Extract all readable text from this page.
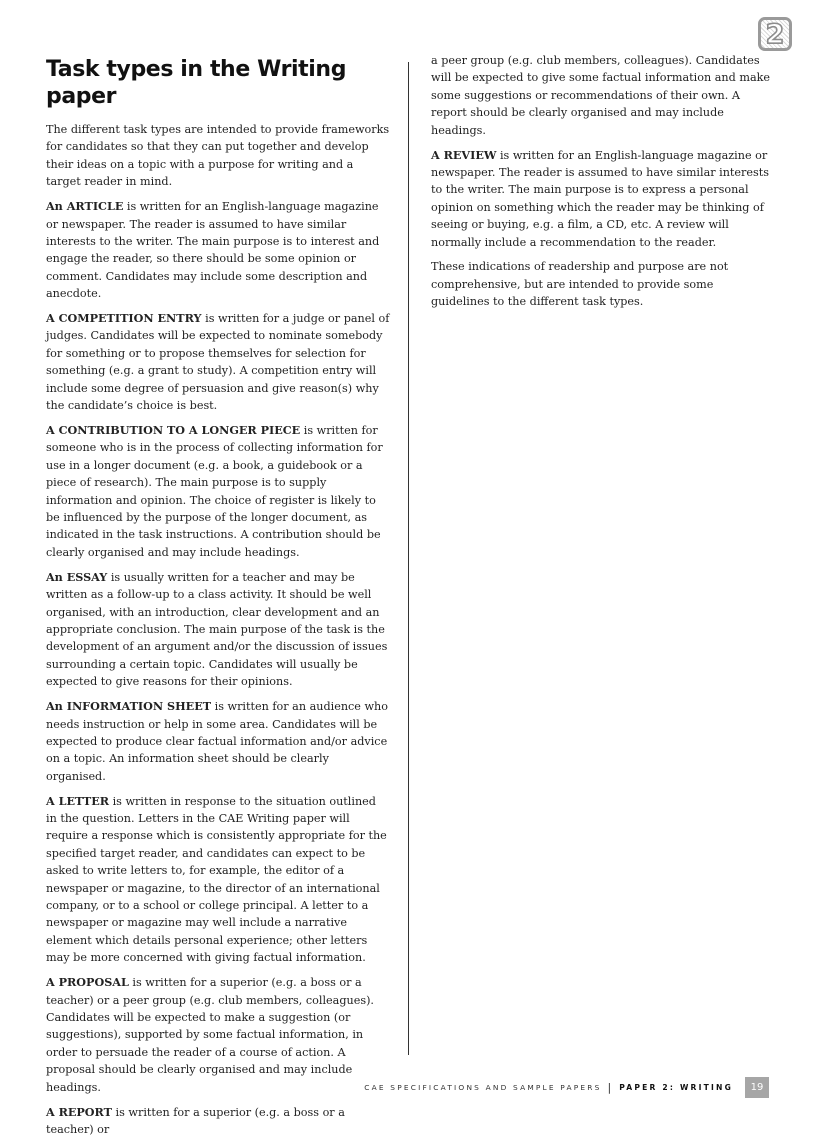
2
Task types in the Writing paper

The different task types are intended to provide frameworks for candidates so that they can put together and develop their ideas on a topic with a purpose for writing and a target reader in mind.

An ARTICLE is written for an English-language magazine or newspaper. The reader is assumed to have similar interests to the writer. The main purpose is to interest and engage the reader, so there should be some opinion or comment. Candidates may include some description and anecdote.

A COMPETITION ENTRY is written for a judge or panel of judges. Candidates will be expected to nominate somebody for something or to propose themselves for selection for something (e.g. a grant to study). A competition entry will include some degree of persuasion and give reason(s) why the candidate’s choice is best.

A CONTRIBUTION TO A LONGER PIECE is written for someone who is in the process of collecting information for use in a longer document (e.g. a book, a guidebook or a piece of research). The main purpose is to supply information and opinion. The choice of register is likely to be influenced by the purpose of the longer document, as indicated in the task instructions. A contribution should be clearly organised and may include headings.

An ESSAY is usually written for a teacher and may be written as a follow-up to a class activity. It should be well organised, with an introduction, clear development and an appropriate conclusion. The main purpose of the task is the development of an argument and/or the discussion of issues surrounding a certain topic. Candidates will usually be expected to give reasons for their opinions.

An INFORMATION SHEET is written for an audience who needs instruction or help in some area. Candidates will be expected to produce clear factual information and/or advice on a topic. An information sheet should be clearly organised.

A LETTER is written in response to the situation outlined in the question. Letters in the CAE Writing paper will require a response which is consistently appropriate for the specified target reader, and candidates can expect to be asked to write letters to, for example, the editor of a newspaper or magazine, to the director of an international company, or to a school or college principal. A letter to a newspaper or magazine may well include a narrative element which details personal experience; other letters may be more concerned with giving factual information.

A PROPOSAL is written for a superior (e.g. a boss or a teacher) or a peer group (e.g. club members, colleagues). Candidates will be expected to make a suggestion (or suggestions), supported by some factual information, in order to persuade the reader of a course of action. A proposal should be clearly organised and may include headings.

A REPORT is written for a superior (e.g. a boss or a teacher) or

a peer group (e.g. club members, colleagues). Candidates will be expected to give some factual information and make some suggestions or recommendations of their own. A report should be clearly organised and may include headings.

A REVIEW is written for an English-language magazine or newspaper. The reader is assumed to have similar interests to the writer. The main purpose is to express a personal opinion on something which the reader may be thinking of seeing or buying, e.g. a film, a CD, etc. A review will normally include a recommendation to the reader.

These indications of readership and purpose are not comprehensive, but are intended to provide some guidelines to the different task types.

CAE SPECIFICATIONS AND SAMPLE PAPERS | PAPER 2: WRITING	19
